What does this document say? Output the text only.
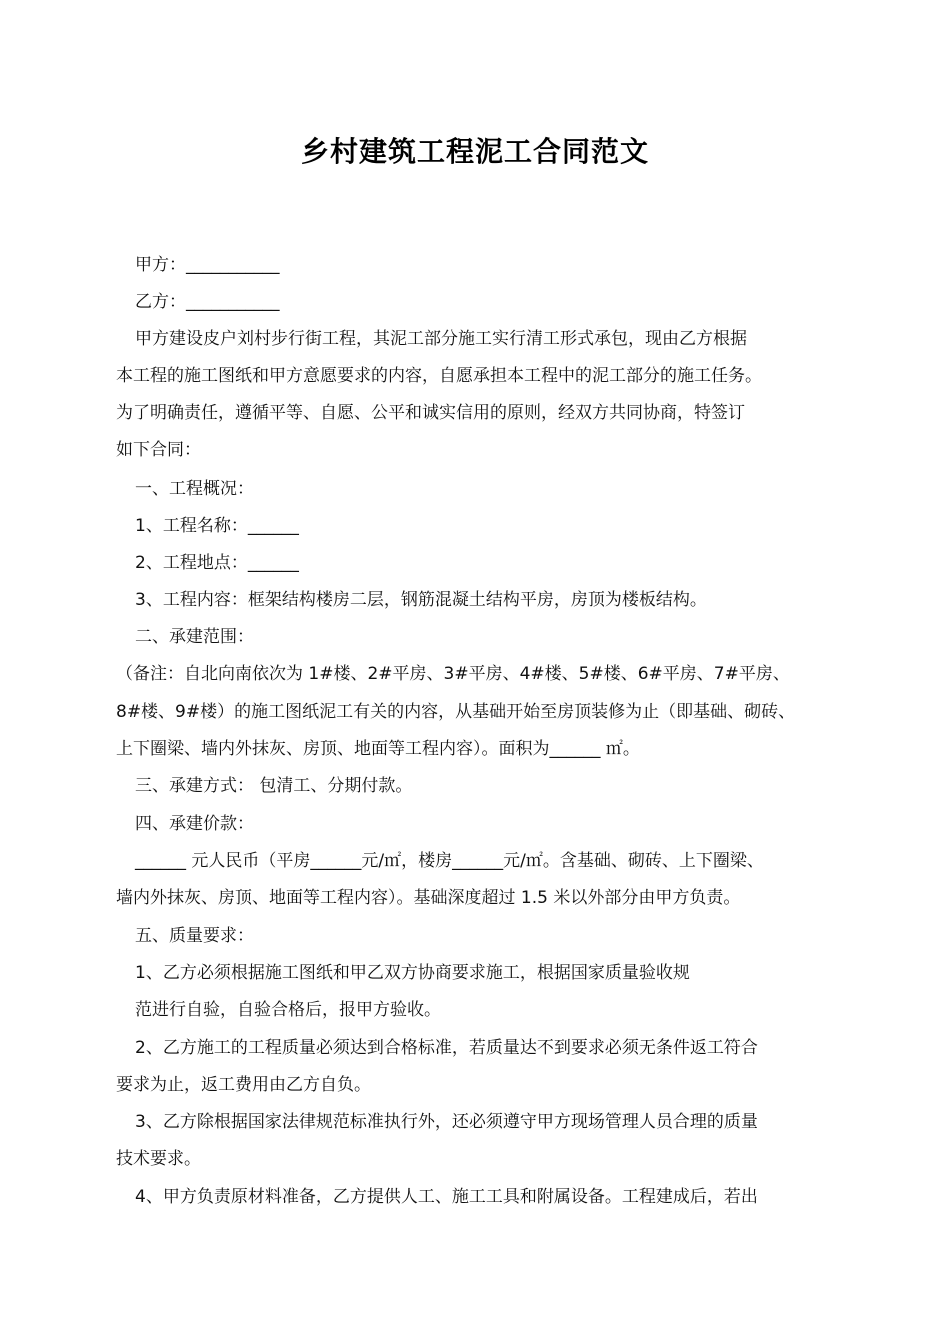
乡村建筑工程泥工合同范文
甲方：___________
乙方：___________
甲方建设皮户刘村步行街工程，其泥工部分施工实行清工形式承包，现由乙方根据
本工程的施工图纸和甲方意愿要求的内容，自愿承担本工程中的泥工部分的施工任务。
为了明确责任，遵循平等、自愿、公平和诚实信用的原则，经双方共同协商，特签订
如下合同：
一、工程概况：
1、工程名称：______
2、工程地点：______
3、工程内容：框架结构楼房二层，钢筋混凝土结构平房，房顶为楼板结构。
二、承建范围：
（备注：自北向南依次为 1#楼、2#平房、3#平房、4#楼、5#楼、6#平房、7#平房、
8#楼、9#楼）的施工图纸泥工有关的内容，从基础开始至房顶装修为止（即基础、砌砖、
上下圈梁、墙内外抹灰、房顶、地面等工程内容）。面积为______ ㎡。
三、承建方式： 包清工、分期付款。
四、承建价款：
______ 元人民币（平房______元/㎡，楼房______元/㎡。含基础、砌砖、上下圈梁、
墙内外抹灰、房顶、地面等工程内容）。基础深度超过 1.5 米以外部分由甲方负责。
五、质量要求：
1、乙方必须根据施工图纸和甲乙双方协商要求施工，根据国家质量验收规
范进行自验，自验合格后，报甲方验收。
2、乙方施工的工程质量必须达到合格标准，若质量达不到要求必须无条件返工符合
要求为止，返工费用由乙方自负。
3、乙方除根据国家法律规范标准执行外，还必须遵守甲方现场管理人员合理的质量
技术要求。
4、甲方负责原材料准备，乙方提供人工、施工工具和附属设备。工程建成后，若出
